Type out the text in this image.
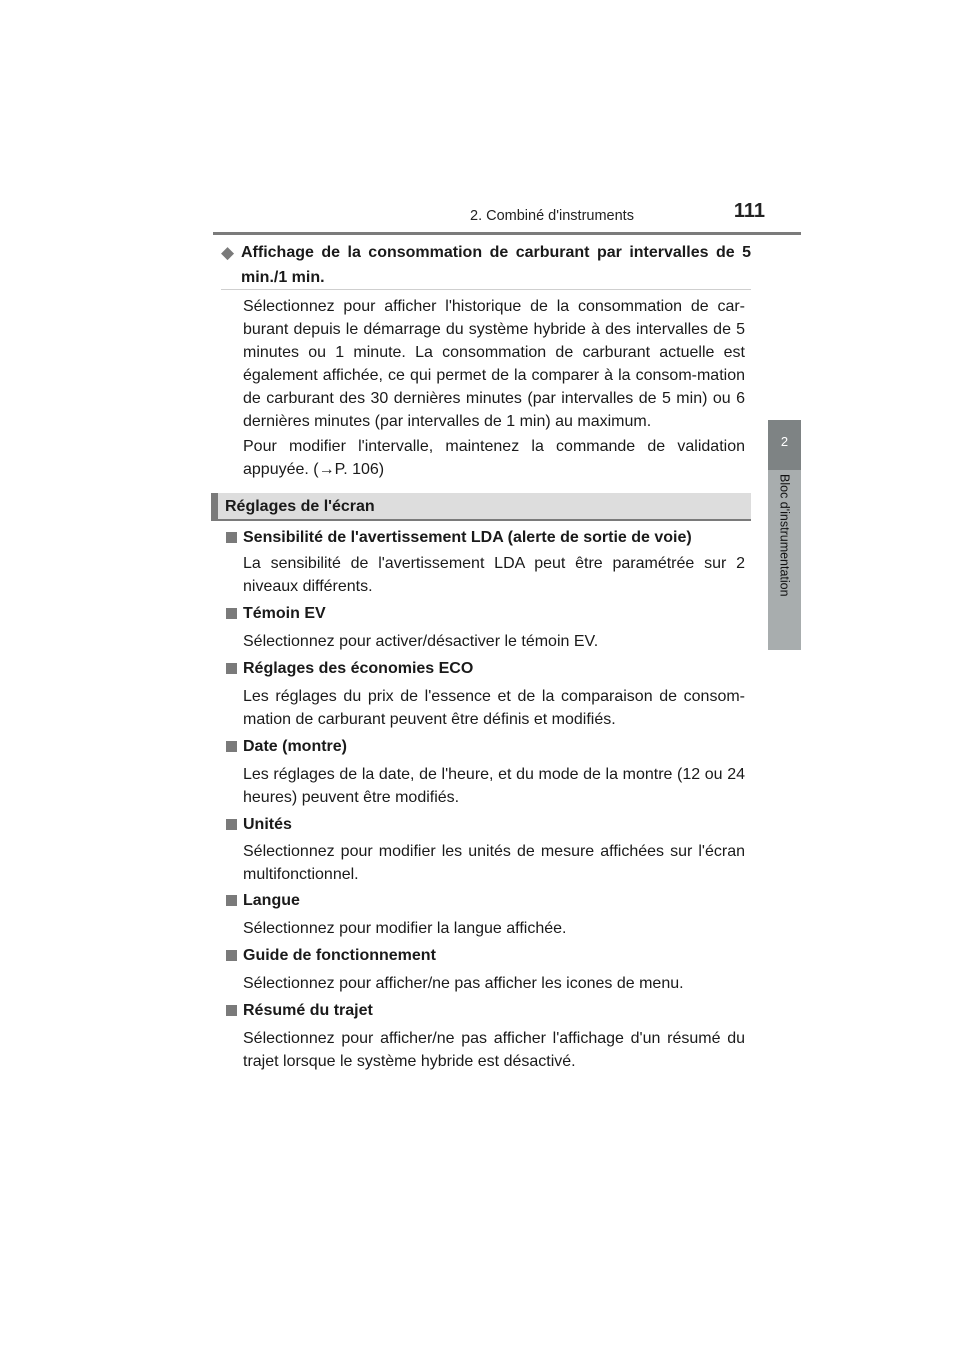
2. Combiné d'instruments	111
2
Bloc d'instrumentation
◆ Affichage de la consommation de carburant par intervalles de 5 min./1 min.

Sélectionnez pour afficher l'historique de la consommation de car-burant depuis le démarrage du système hybride à des intervalles de 5 minutes ou 1 minute. La consommation de carburant actuelle est également affichée, ce qui permet de la comparer à la consom-mation de carburant des 30 dernières minutes (par intervalles de 5 min) ou 6 dernières minutes (par intervalles de 1 min) au maximum.

Pour modifier l'intervalle, maintenez la commande de validation appuyée. (→P. 106)

Réglages de l'écran
Sensibilité de l'avertissement LDA (alerte de sortie de voie)

La sensibilité de l'avertissement LDA peut être paramétrée sur 2 niveaux différents.

Témoin EV

Sélectionnez pour activer/désactiver le témoin EV.

Réglages des économies ECO

Les réglages du prix de l'essence et de la comparaison de consom-mation de carburant peuvent être définis et modifiés.

Date (montre)

Les réglages de la date, de l'heure, et du mode de la montre (12 ou 24 heures) peuvent être modifiés.

Unités

Sélectionnez pour modifier les unités de mesure affichées sur l'écran multifonctionnel.

Langue

Sélectionnez pour modifier la langue affichée.

Guide de fonctionnement

Sélectionnez pour afficher/ne pas afficher les icones de menu.

Résumé du trajet

Sélectionnez pour afficher/ne pas afficher l'affichage d'un résumé du trajet lorsque le système hybride est désactivé.
